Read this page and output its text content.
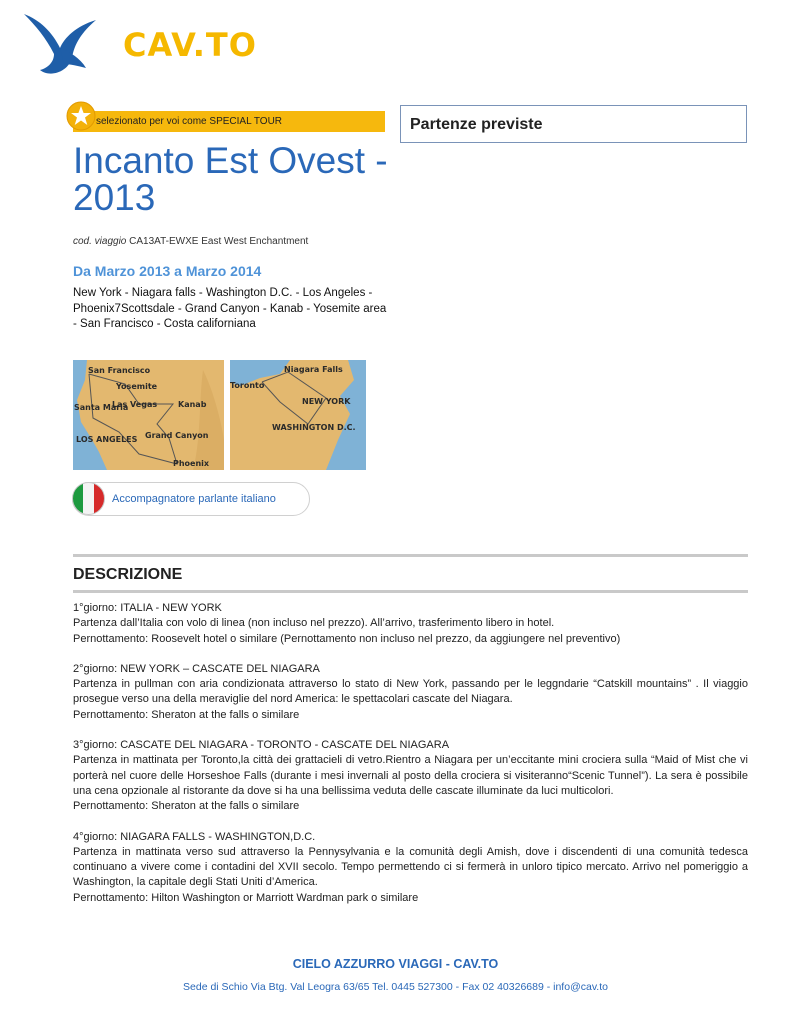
CAV.TO
selezionato per voi come SPECIAL TOUR	Partenze previste
Incanto Est Ovest - 2013
cod. viaggio CA13AT-EWXE East West Enchantment
Da Marzo 2013 a Marzo 2014
New York - Niagara falls - Washington D.C. - Los Angeles - Phoenix7Scottsdale - Grand Canyon - Kanab - Yosemite area - San Francisco - Costa californiana
San Francisco
Yosemite
Las Vegas	Kanab
Santa Maria
Grand Canyon
LOS ANGELES
Phoenix
Niagara Falls
Toronto
NEW YORK
WASHINGTON D.C.
Accompagnatore parlante italiano
DESCRIZIONE

1°giorno: ITALIA - NEW YORK

Partenza dall’Italia con volo di linea (non incluso nel prezzo). All’arrivo, trasferimento libero in hotel.

Pernottamento: Roosevelt hotel o similare (Pernottamento non incluso nel prezzo, da aggiungere nel preventivo)

2°giorno: NEW YORK – CASCATE DEL NIAGARA

Partenza in pullman con aria condizionata attraverso lo stato di New York, passando per le leggndarie “Catskill mountains” . Il viaggio prosegue verso una della meraviglie del nord America: le spettacolari cascate del Niagara.

Pernottamento: Sheraton at the falls o similare

3°giorno: CASCATE DEL NIAGARA - TORONTO - CASCATE DEL NIAGARA

Partenza in mattinata per Toronto,la città dei grattacieli di vetro.Rientro a Niagara per un’eccitante mini crociera sulla “Maid of Mist che vi porterà nel cuore delle Horseshoe Falls (durante i mesi invernali al posto della crociera si visiteranno“Scenic Tunnel”). La sera è possibile una cena opzionale al ristorante da dove si ha una bellissima veduta delle cascate illuminate da luci multicolori.

Pernottamento: Sheraton at the falls o similare

4°giorno: NIAGARA FALLS - WASHINGTON,D.C.

Partenza in mattinata verso sud attraverso la Pennysylvania e la comunità degli Amish, dove i discendenti di una comunità tedesca continuano a vivere come i contadini del XVII secolo. Tempo permettendo ci si fermerà in unloro tipico mercato. Arrivo nel pomeriggio a Washington, la capitale degli Stati Uniti d’America.

Pernottamento: Hilton Washington or Marriott Wardman park o similare

CIELO AZZURRO VIAGGI - CAV.TO
Sede di Schio Via Btg. Val Leogra 63/65 Tel. 0445 527300 - Fax 02 40326689 - info@cav.to
